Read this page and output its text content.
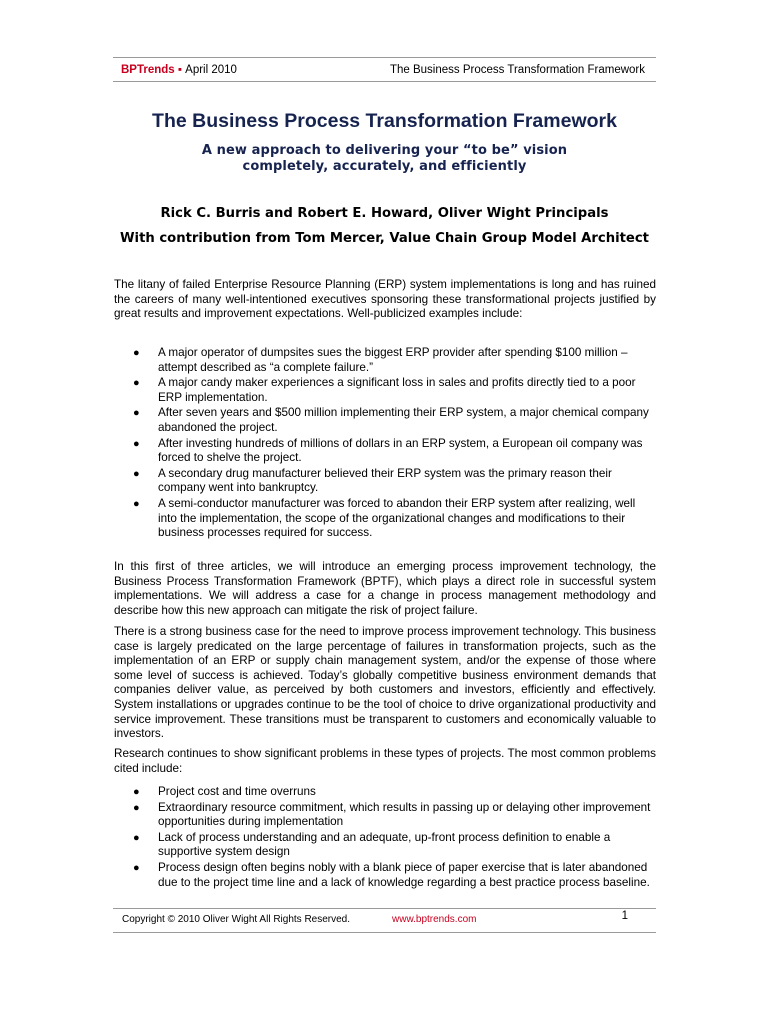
BPTrends ▪ April 2010	The Business Process Transformation Framework
The Business Process Transformation Framework

A new approach to delivering your “to be” vision completely, accurately, and efficiently

Rick C. Burris and Robert E. Howard, Oliver Wight Principals

With contribution from Tom Mercer, Value Chain Group Model Architect

The litany of failed Enterprise Resource Planning (ERP) system implementations is long and has ruined the careers of many well-intentioned executives sponsoring these transformational projects justified by great results and improvement expectations. Well-publicized examples include:

● A major operator of dumpsites sues the biggest ERP provider after spending $100 million – attempt described as “a complete failure.”
● A major candy maker experiences a significant loss in sales and profits directly tied to a poor ERP implementation.
● After seven years and $500 million implementing their ERP system, a major chemical company abandoned the project.
● After investing hundreds of millions of dollars in an ERP system, a European oil company was forced to shelve the project.
● A secondary drug manufacturer believed their ERP system was the primary reason their company went into bankruptcy.
● A semi-conductor manufacturer was forced to abandon their ERP system after realizing, well into the implementation, the scope of the organizational changes and modifications to their business processes required for success.

In this first of three articles, we will introduce an emerging process improvement technology, the Business Process Transformation Framework (BPTF), which plays a direct role in successful system implementations. We will address a case for a change in process management methodology and describe how this new approach can mitigate the risk of project failure.

There is a strong business case for the need to improve process improvement technology. This business case is largely predicated on the large percentage of failures in transformation projects, such as the implementation of an ERP or supply chain management system, and/or the expense of those where some level of success is achieved. Today’s globally competitive business environment demands that companies deliver value, as perceived by both customers and investors, efficiently and effectively. System installations or upgrades continue to be the tool of choice to drive organizational productivity and service improvement. These transitions must be transparent to customers and economically valuable to investors.

Research continues to show significant problems in these types of projects. The most common problems cited include:

● Project cost and time overruns
● Extraordinary resource commitment, which results in passing up or delaying other improvement opportunities during implementation
● Lack of process understanding and an adequate, up-front process definition to enable a supportive system design
● Process design often begins nobly with a blank piece of paper exercise that is later abandoned due to the project time line and a lack of knowledge regarding a best practice process baseline.
Copyright © 2010 Oliver Wight All Rights Reserved.	www.bptrends.com	1
